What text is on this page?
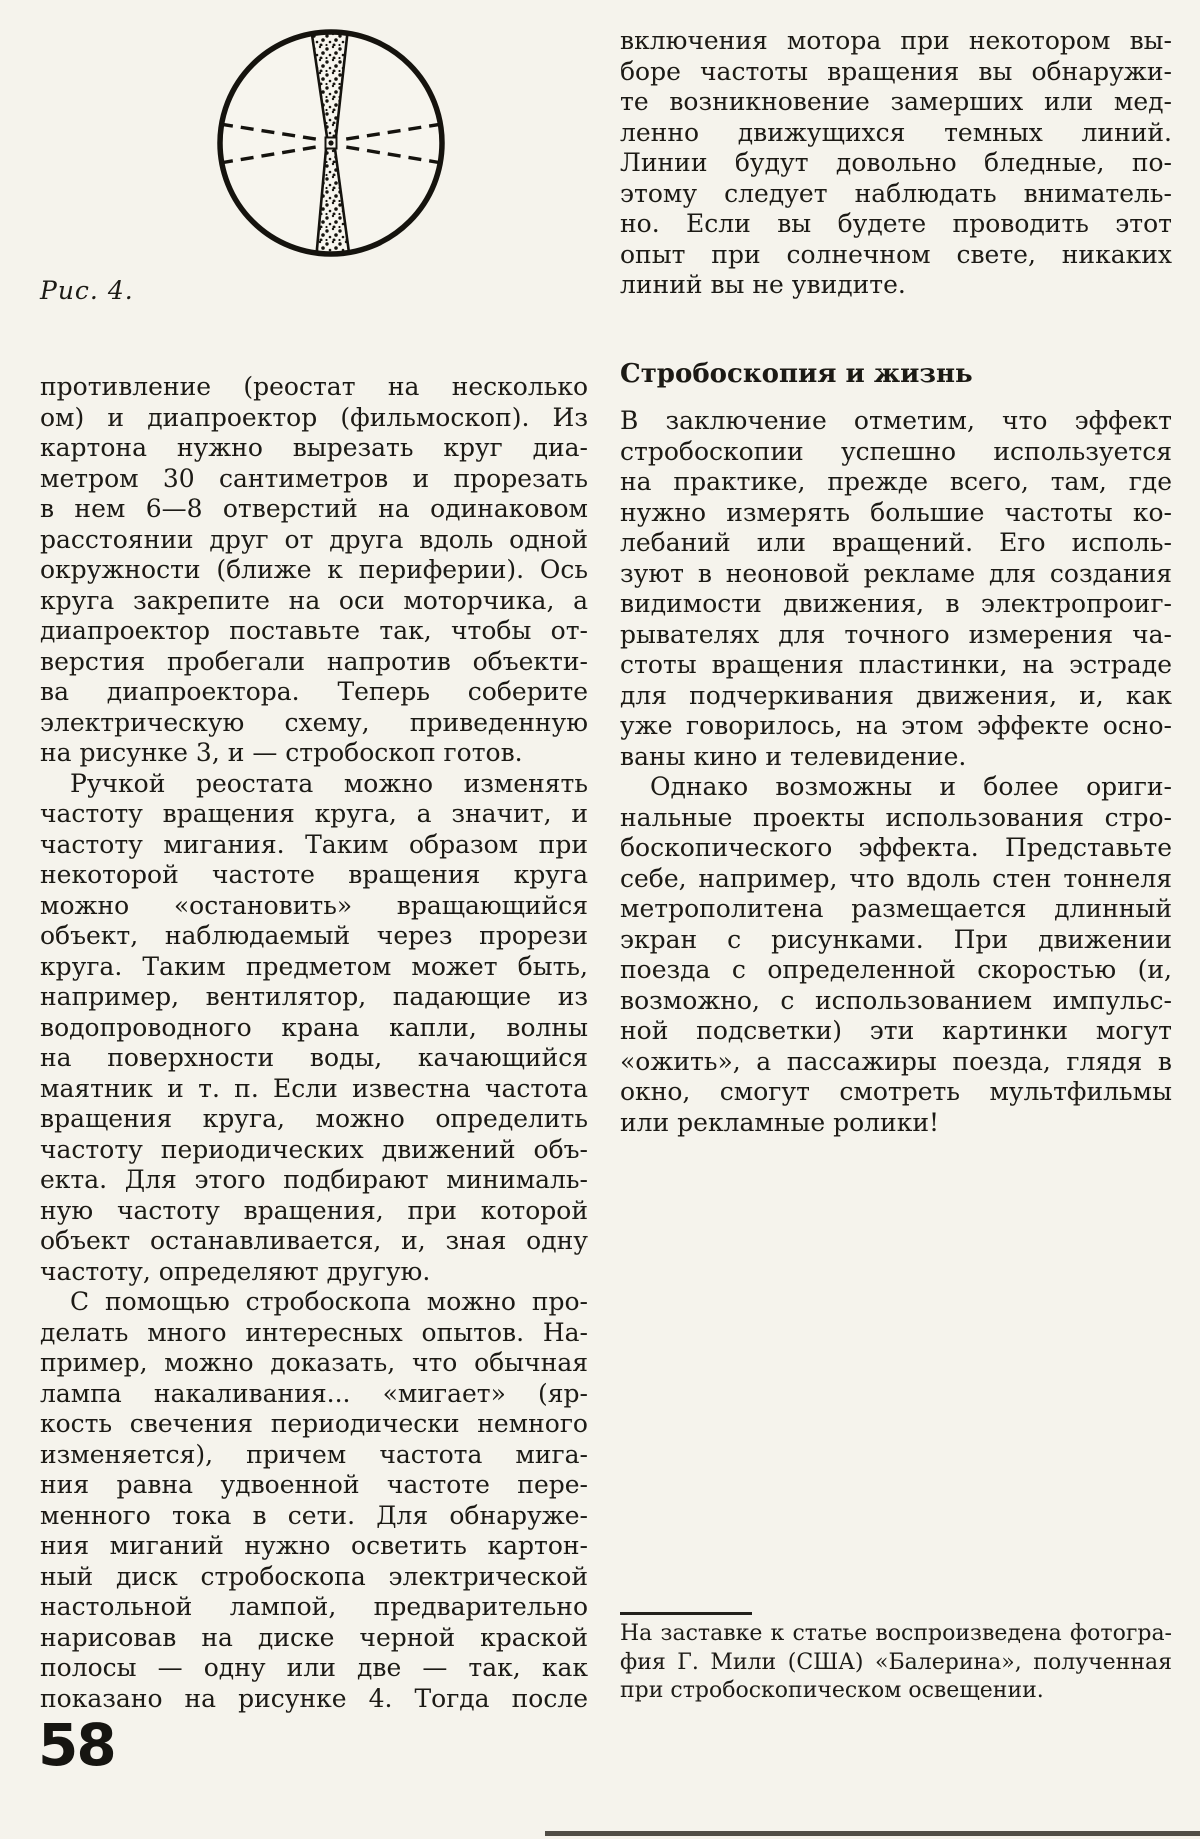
Рис. 4.
включения мотора при некотором вы-
боре частоты вращения вы обнаружи-
те возникновение замерших или мед-
ленно движущихся темных линий.
Линии будут довольно бледные, по-
этому следует наблюдать вниматель-
но. Если вы будете проводить этот
опыт при солнечном свете, никаких
линий вы не увидите.
противление (реостат на несколько
ом) и диапроектор (фильмоскоп). Из
картона нужно вырезать круг диа-
метром 30 сантиметров и прорезать
в нем 6—8 отверстий на одинаковом
расстоянии друг от друга вдоль одной
окружности (ближе к периферии). Ось
круга закрепите на оси моторчика, а
диапроектор поставьте так, чтобы от-
верстия пробегали напротив объекти-
ва диапроектора. Теперь соберите
электрическую схему, приведенную
на рисунке 3, и — стробоскоп готов.
Ручкой реостата можно изменять
частоту вращения круга, а значит, и
частоту мигания. Таким образом при
некоторой частоте вращения круга
можно «остановить» вращающийся
объект, наблюдаемый через прорези
круга. Таким предметом может быть,
например, вентилятор, падающие из
водопроводного крана капли, волны
на поверхности воды, качающийся
маятник и т. п. Если известна частота
вращения круга, можно определить
частоту периодических движений объ-
екта. Для этого подбирают минималь-
ную частоту вращения, при которой
объект останавливается, и, зная одну
частоту, определяют другую.
С помощью стробоскопа можно про-
делать много интересных опытов. На-
пример, можно доказать, что обычная
лампа накаливания... «мигает» (яр-
кость свечения периодически немного
изменяется), причем частота мига-
ния равна удвоенной частоте пере-
менного тока в сети. Для обнаруже-
ния миганий нужно осветить картон-
ный диск стробоскопа электрической
настольной лампой, предварительно
нарисовав на диске черной краской
полосы — одну или две — так, как
показано на рисунке 4. Тогда после
Стробоскопия и жизнь
В заключение отметим, что эффект
стробоскопии успешно используется
на практике, прежде всего, там, где
нужно измерять большие частоты ко-
лебаний или вращений. Его исполь-
зуют в неоновой рекламе для создания
видимости движения, в электропроиг-
рывателях для точного измерения ча-
стоты вращения пластинки, на эстраде
для подчеркивания движения, и, как
уже говорилось, на этом эффекте осно-
ваны кино и телевидение.
Однако возможны и более ориги-
нальные проекты использования стро-
боскопического эффекта. Представьте
себе, например, что вдоль стен тоннеля
метрополитена размещается длинный
экран с рисунками. При движении
поезда с определенной скоростью (и,
возможно, с использованием импульс-
ной подсветки) эти картинки могут
«ожить», а пассажиры поезда, глядя в
окно, смогут смотреть мультфильмы
или рекламные ролики!
На заставке к статье воспроизведена фотогра-
фия Г. Мили (США) «Балерина», полученная
при стробоскопическом освещении.
58
